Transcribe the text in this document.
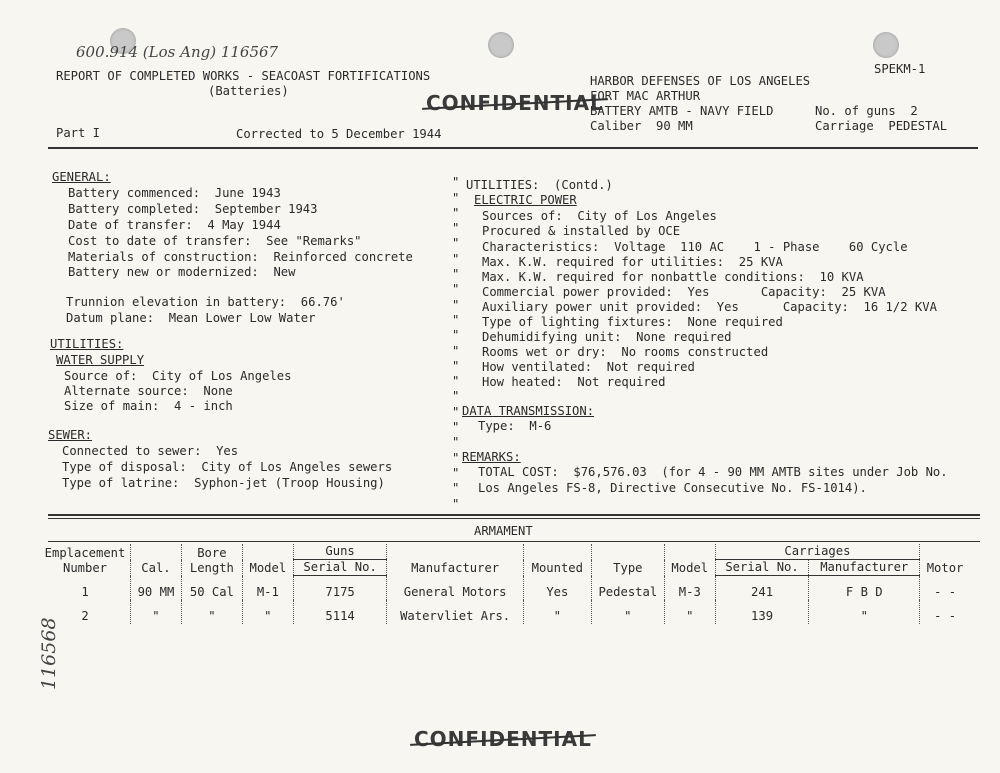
600.914 (Los Ang) 116567
116568
REPORT OF COMPLETED WORKS - SEACOAST FORTIFICATIONS
(Batteries)
SPEKM-1
HARBOR DEFENSES OF LOS ANGELES
FORT MAC ARTHUR
BATTERY AMTB - NAVY FIELD
Caliber  90 MM
No. of guns  2
Carriage  PEDESTAL
CONFIDENTIAL
Part I	Corrected to 5 December 1944
GENERAL:
Battery commenced:  June 1943
Battery completed:  September 1943
Date of transfer:  4 May 1944
Cost to date of transfer:  See "Remarks"
Materials of construction:  Reinforced concrete
Battery new or modernized:  New
Trunnion elevation in battery:  66.76'
Datum plane:  Mean Lower Low Water
UTILITIES:
WATER SUPPLY
Source of:  City of Los Angeles
Alternate source:  None
Size of main:  4 - inch
SEWER:
Connected to sewer:  Yes
Type of disposal:  City of Los Angeles sewers
Type of latrine:  Syphon-jet (Troop Housing)

"
"
"
"
"
"
"
"
"
"
"
"
"
"
"
"
"
"
"
"
"
"

UTILITIES:  (Contd.)
ELECTRIC POWER
Sources of:  City of Los Angeles
Procured & installed by OCE
Characteristics:  Voltage  110 AC    1 - Phase    60 Cycle
Max. K.W. required for utilities:  25 KVA
Max. K.W. required for nonbattle conditions:  10 KVA
Commercial power provided:  Yes       Capacity:  25 KVA
Auxiliary power unit provided:  Yes      Capacity:  16 1/2 KVA
Type of lighting fixtures:  None required
Dehumidifying unit:  None required
Rooms wet or dry:  No rooms constructed
How ventilated:  Not required
How heated:  Not required
DATA TRANSMISSION:
Type:  M-6
REMARKS:
TOTAL COST:  $76,576.03  (for 4 - 90 MM AMTB sites under Job No.
Los Angeles FS-8, Directive Consecutive No. FS-1014).
ARMAMENT
Emplacement Number	Cal.	Bore Length	Model	Guns	Manufacturer	Mounted	Type	Model	Carriages		Motor
				Serial No.					Serial No.	Manufacturer	
1	90 MM	50 Cal	M-1	7175	General Motors	Yes	Pedestal	M-3	241	F B D	- -
2	"	"	"	5114	Watervliet Ars.	"	"	"	139	"	- -
CONFIDENTIAL
